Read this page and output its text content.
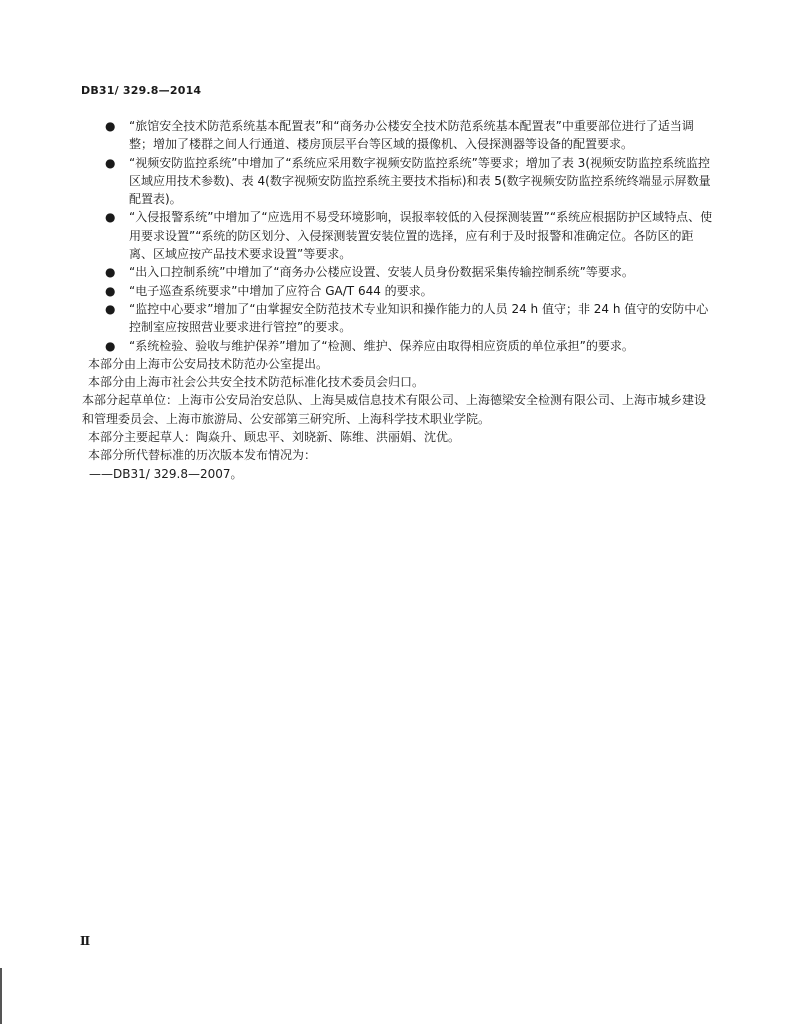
DB31/ 329.8—2014
● “旅馆安全技术防范系统基本配置表”和“商务办公楼安全技术防范系统基本配置表”中重要部位进行了适当调整；增加了楼群之间人行通道、楼房顶层平台等区域的摄像机、入侵探测器等设备的配置要求。
● “视频安防监控系统”中增加了“系统应采用数字视频安防监控系统”等要求；增加了表 3(视频安防监控系统监控区域应用技术参数)、表 4(数字视频安防监控系统主要技术指标)和表 5(数字视频安防监控系统终端显示屏数量配置表)。
● “入侵报警系统”中增加了“应选用不易受环境影响，误报率较低的入侵探测装置”“系统应根据防护区域特点、使用要求设置”“系统的防区划分、入侵探测装置安装位置的选择，应有利于及时报警和准确定位。各防区的距离、区域应按产品技术要求设置”等要求。
● “出入口控制系统”中增加了“商务办公楼应设置、安装人员身份数据采集传输控制系统”等要求。
● “电子巡查系统要求”中增加了应符合 GA/T 644 的要求。
● “监控中心要求”增加了“由掌握安全防范技术专业知识和操作能力的人员 24 h 值守；非 24 h 值守的安防中心控制室应按照营业要求进行管控”的要求。
● “系统检验、验收与维护保养”增加了“检测、维护、保养应由取得相应资质的单位承担”的要求。

本部分由上海市公安局技术防范办公室提出。

本部分由上海市社会公共安全技术防范标准化技术委员会归口。

本部分起草单位：上海市公安局治安总队、上海昊威信息技术有限公司、上海德梁安全检测有限公司、上海市城乡建设和管理委员会、上海市旅游局、公安部第三研究所、上海科学技术职业学院。

本部分主要起草人：陶焱升、顾忠平、刘晓新、陈维、洪丽娟、沈优。

本部分所代替标准的历次版本发布情况为：

——DB31/ 329.8—2007。

Ⅱ
